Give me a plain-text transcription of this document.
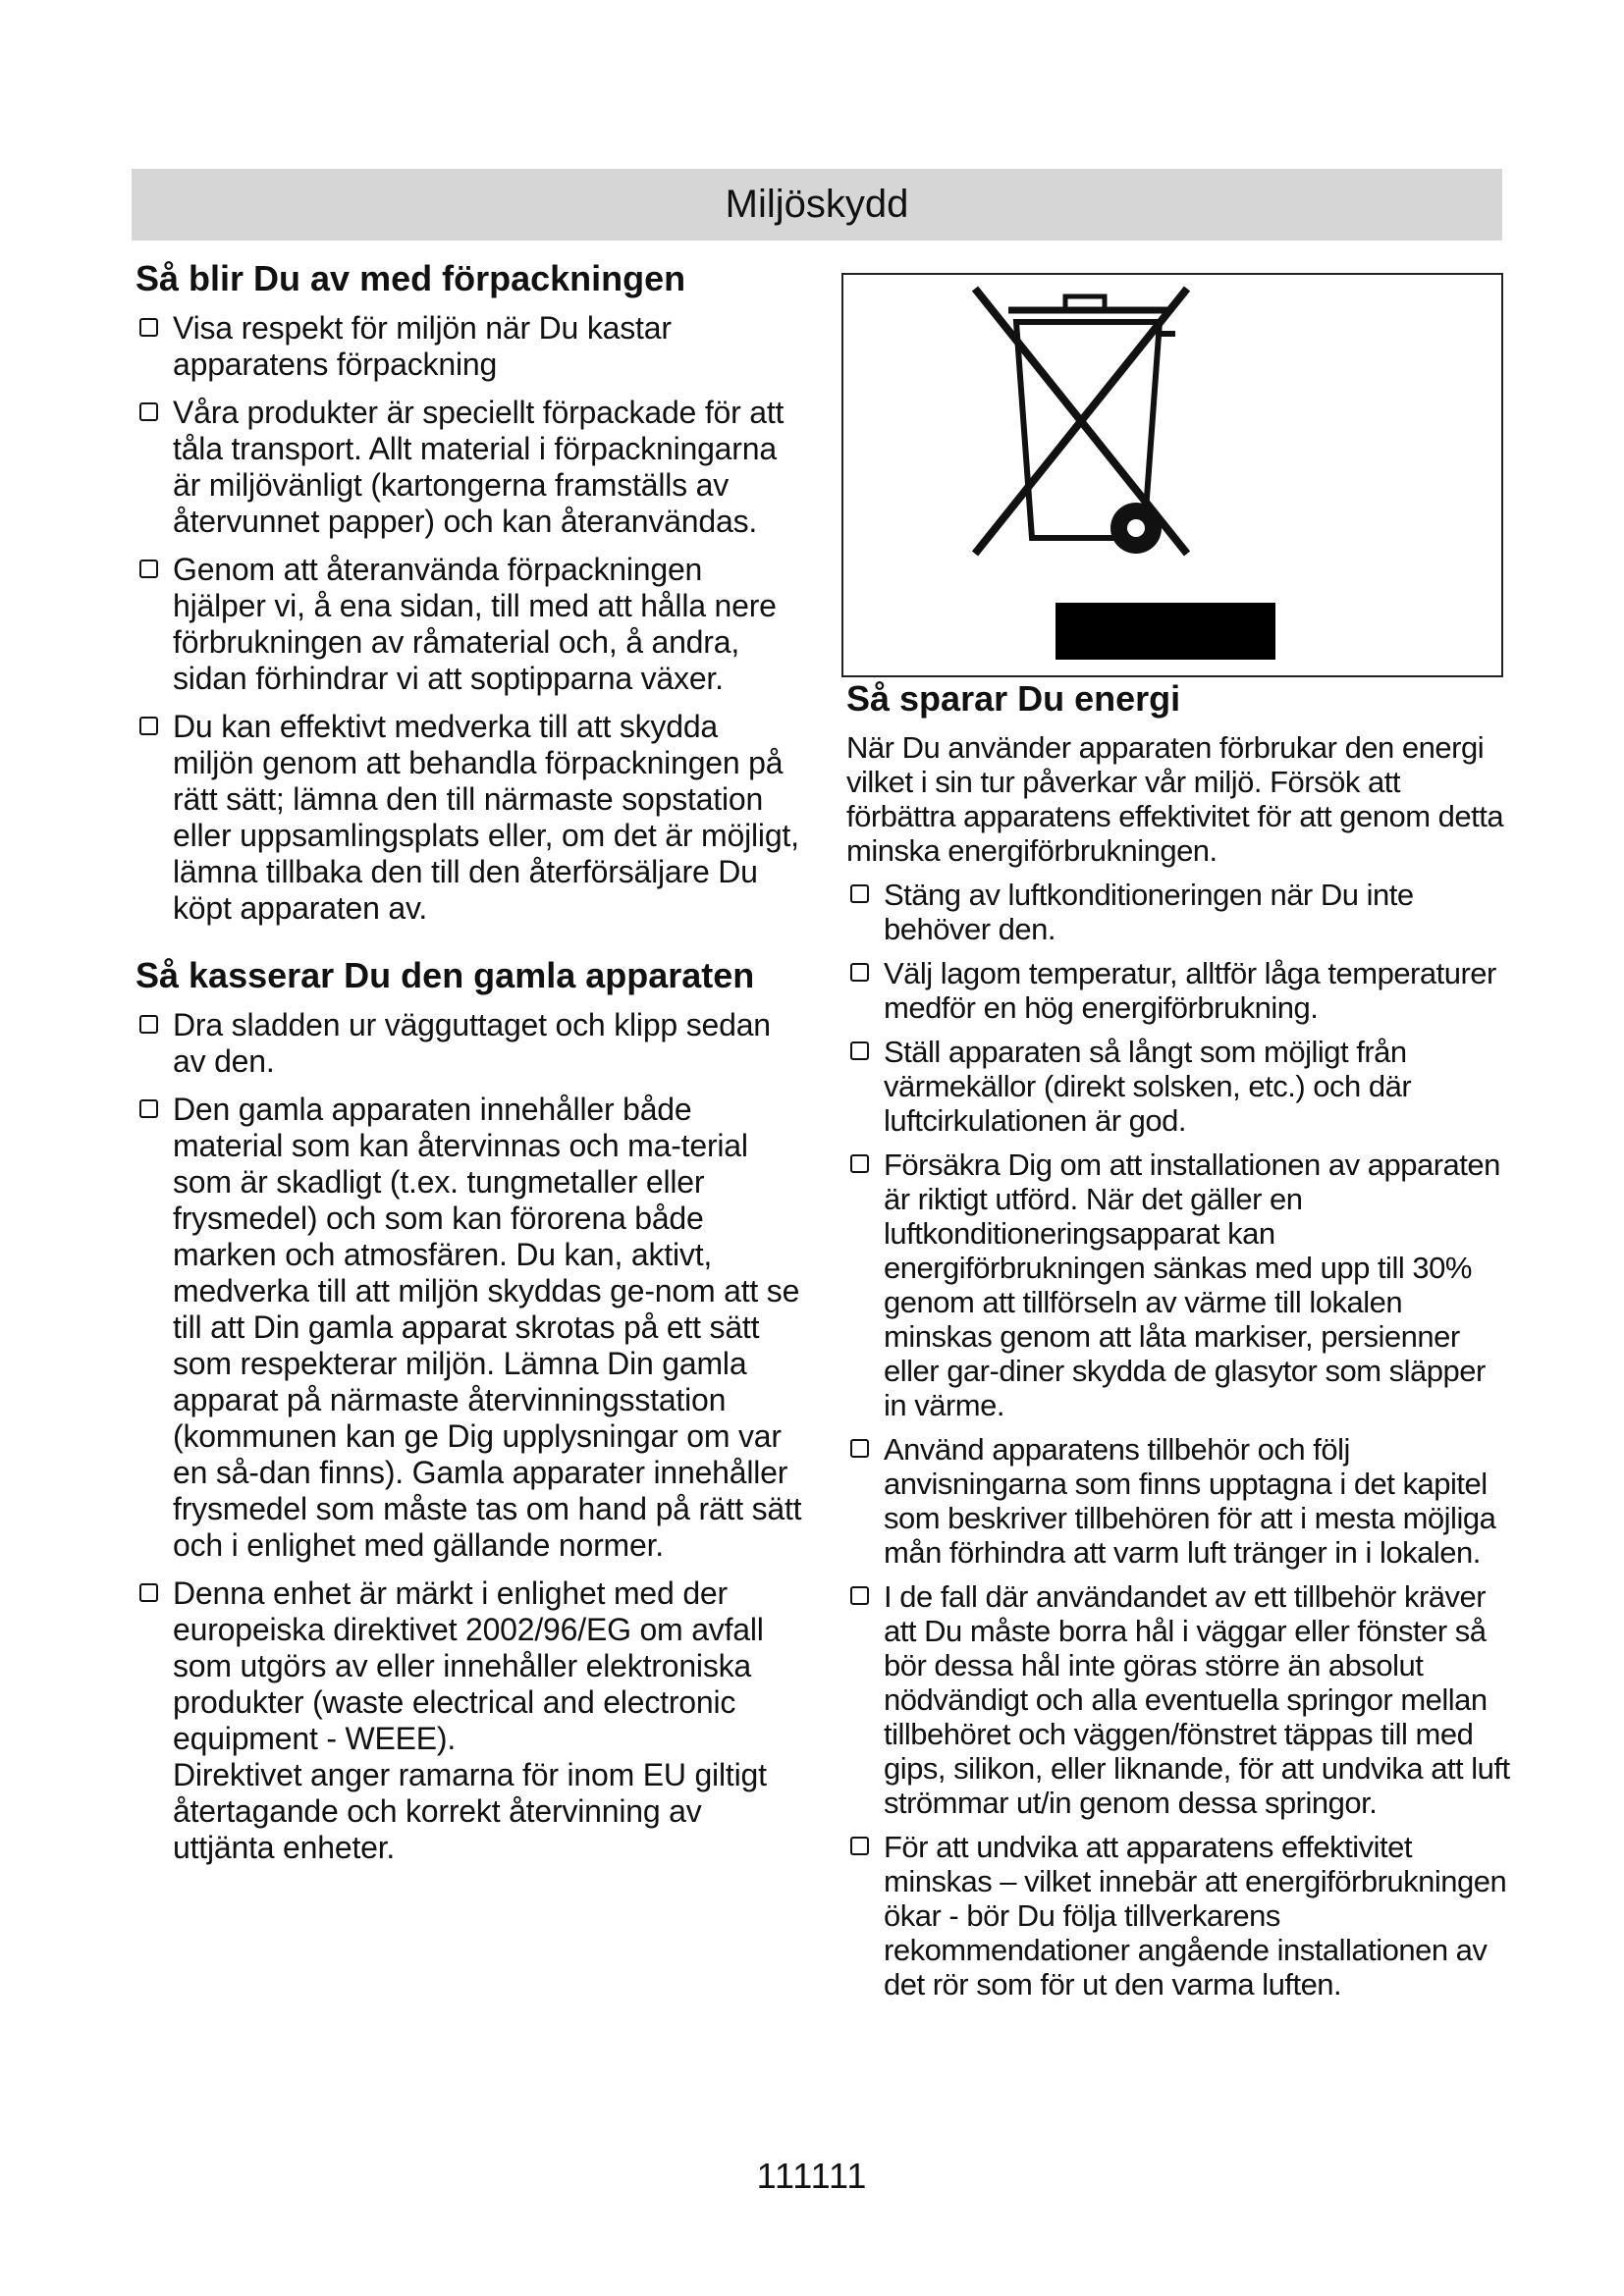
Miljöskydd
Så blir Du av med förpackningen
Visa respekt för miljön när Du kastar apparatens förpackning
Våra produkter är speciellt förpackade för att tåla transport. Allt material i förpackningarna är miljövänligt (kartongerna framställs av återvunnet papper) och kan återanvändas.
Genom att återanvända förpackningen hjälper vi, å ena sidan, till med att hålla nere förbrukningen av råmaterial och, å andra, sidan förhindrar vi att soptipparna växer.
Du kan effektivt medverka till att skydda miljön genom att behandla förpackningen på rätt sätt; lämna den till närmaste sopstation eller uppsamlingsplats eller, om det är möjligt, lämna tillbaka den till den återförsäljare Du köpt apparaten av.
Så kasserar Du den gamla apparaten
Dra sladden ur vägguttaget och klipp sedan av den.
Den gamla apparaten innehåller både material som kan återvinnas och ma-terial som är skadligt (t.ex. tungmetaller eller frysmedel) och som kan förorena både marken och atmosfären. Du kan, aktivt, medverka till att miljön skyddas ge-nom att se till att Din gamla apparat skrotas på ett sätt som respekterar miljön. Lämna Din gamla apparat på närmaste återvinningsstation (kommunen kan ge Dig upplysningar om var en så-dan finns). Gamla apparater innehåller frysmedel som måste tas om hand på rätt sätt och i enlighet med gällande normer.
Denna enhet är märkt i enlighet med der europeiska direktivet 2002/96/EG om avfall som utgörs av eller innehåller elektroniska produkter (waste electrical and electronic equipment - WEEE).
Direktivet anger ramarna för inom EU giltigt återtagande och korrekt återvinning av uttjänta enheter.
Så sparar Du energi

När Du använder apparaten förbrukar den energi vilket i sin tur påverkar vår miljö. Försök att förbättra apparatens effektivitet för att genom detta minska energiförbrukningen.

Stäng av luftkonditioneringen när Du inte behöver den.
Välj lagom temperatur, alltför låga temperaturer medför en hög energiförbrukning.
Ställ apparaten så långt som möjligt från värmekällor (direkt solsken, etc.) och där luftcirkulationen är god.
Försäkra Dig om att installationen av apparaten är riktigt utförd. När det gäller en luftkonditioneringsapparat kan energiförbrukningen sänkas med upp till 30% genom att tillförseln av värme till lokalen minskas genom att låta markiser, persienner eller gar-diner skydda de glasytor som släpper in värme.
Använd apparatens tillbehör och följ anvisningarna som finns upptagna i det kapitel som beskriver tillbehören för att i mesta möjliga mån förhindra att varm luft tränger in i lokalen.
I de fall där användandet av ett tillbehör kräver att Du måste borra hål i väggar eller fönster så bör dessa hål inte göras större än absolut nödvändigt och alla eventuella springor mellan tillbehöret och väggen/fönstret täppas till med gips, silikon, eller liknande, för att undvika att luft strömmar ut/in genom dessa springor.
För att undvika att apparatens effektivitet minskas – vilket innebär att energiförbrukningen ökar - bör Du följa tillverkarens rekommendationer angående installationen av det rör som för ut den varma luften.
111111
